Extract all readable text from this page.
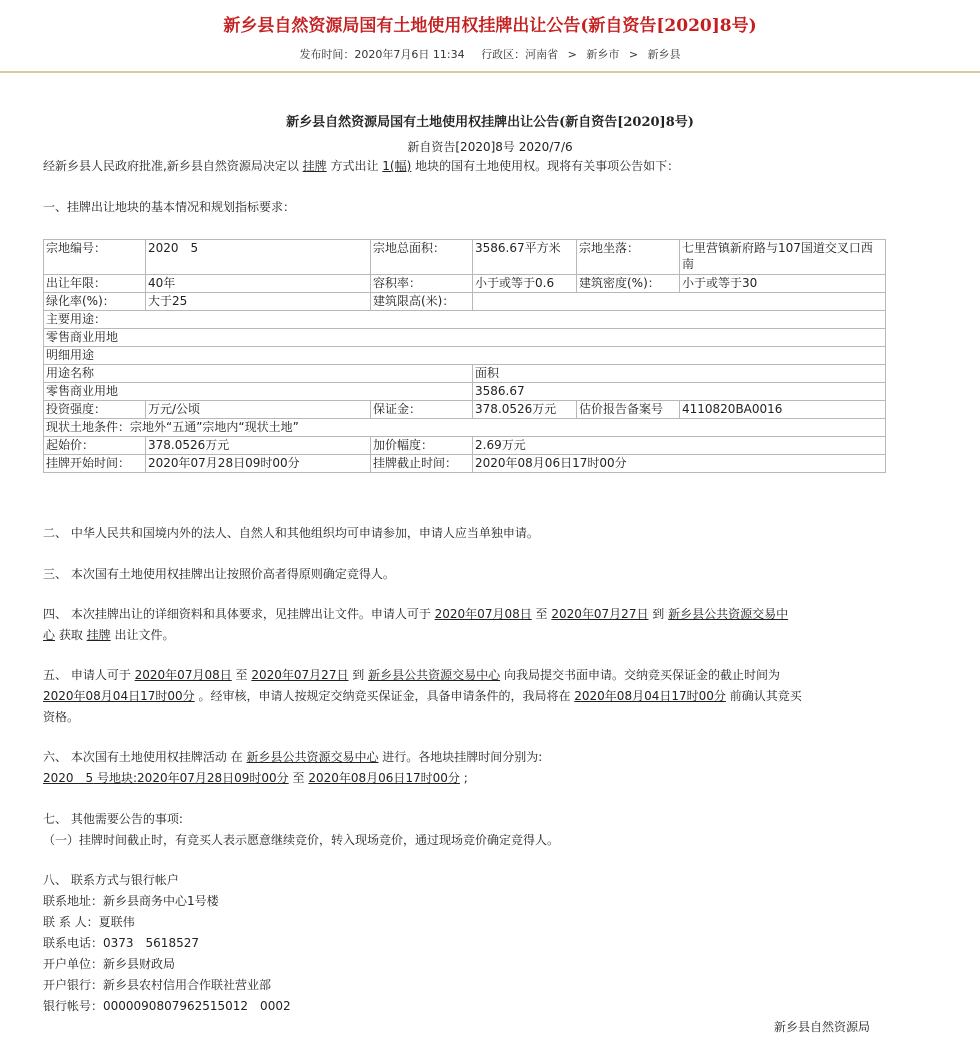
新乡县自然资源局国有土地使用权挂牌出让公告(新自资告[2020]8号)
发布时间：2020年7月6日 11:34 行政区：河南省 > 新乡市 > 新乡县
新乡县自然资源局国有土地使用权挂牌出让公告(新自资告[2020]8号)
新自资告[2020]8号 2020/7/6
经新乡县人民政府批准,新乡县自然资源局决定以 挂牌 方式出让 1(幅) 地块的国有土地使用权。现将有关事项公告如下：
一、挂牌出让地块的基本情况和规划指标要求：
宗地编号：	2020　5	宗地总面积：	3586.67平方米	宗地坐落：	七里营镇新府路与107国道交叉口西南
出让年限：	40年	容积率：	小于或等于0.6	建筑密度(%)：	小于或等于30
绿化率(%)：	大于25	建筑限高(米)：			
主要用途：					
零售商业用地					
明细用途					
用途名称			面积		
零售商业用地			3586.67		
投资强度：	万元/公顷	保证金：	378.0526万元	估价报告备案号	4110820BA0016
现状土地条件：宗地外“五通”宗地内“现状土地”					
起始价：	378.0526万元	加价幅度：	2.69万元		
挂牌开始时间：	2020年07月28日09时00分	挂牌截止时间：	2020年08月06日17时00分		
二、 中华人民共和国境内外的法人、自然人和其他组织均可申请参加，申请人应当单独申请。
三、 本次国有土地使用权挂牌出让按照价高者得原则确定竞得人。
四、 本次挂牌出让的详细资料和具体要求，见挂牌出让文件。申请人可于 2020年07月08日 至 2020年07月27日 到 新乡县公共资源交易中
心 获取 挂牌 出让文件。
五、 申请人可于 2020年07月08日 至 2020年07月27日 到 新乡县公共资源交易中心 向我局提交书面申请。交纳竞买保证金的截止时间为
2020年08月04日17时00分 。经审核，申请人按规定交纳竞买保证金，具备申请条件的，我局将在 2020年08月04日17时00分 前确认其竞买
资格。
六、 本次国有土地使用权挂牌活动 在 新乡县公共资源交易中心 进行。各地块挂牌时间分别为:
2020　5 号地块:2020年07月28日09时00分 至 2020年08月06日17时00分 ;
七、 其他需要公告的事项:
（一）挂牌时间截止时，有竞买人表示愿意继续竞价，转入现场竞价，通过现场竞价确定竞得人。
八、 联系方式与银行帐户
联系地址：新乡县商务中心1号楼
联 系 人：夏联伟
联系电话：0373　5618527
开户单位：新乡县财政局
开户银行：新乡县农村信用合作联社营业部
银行帐号：0000090807962515012　0002
新乡县自然资源局
